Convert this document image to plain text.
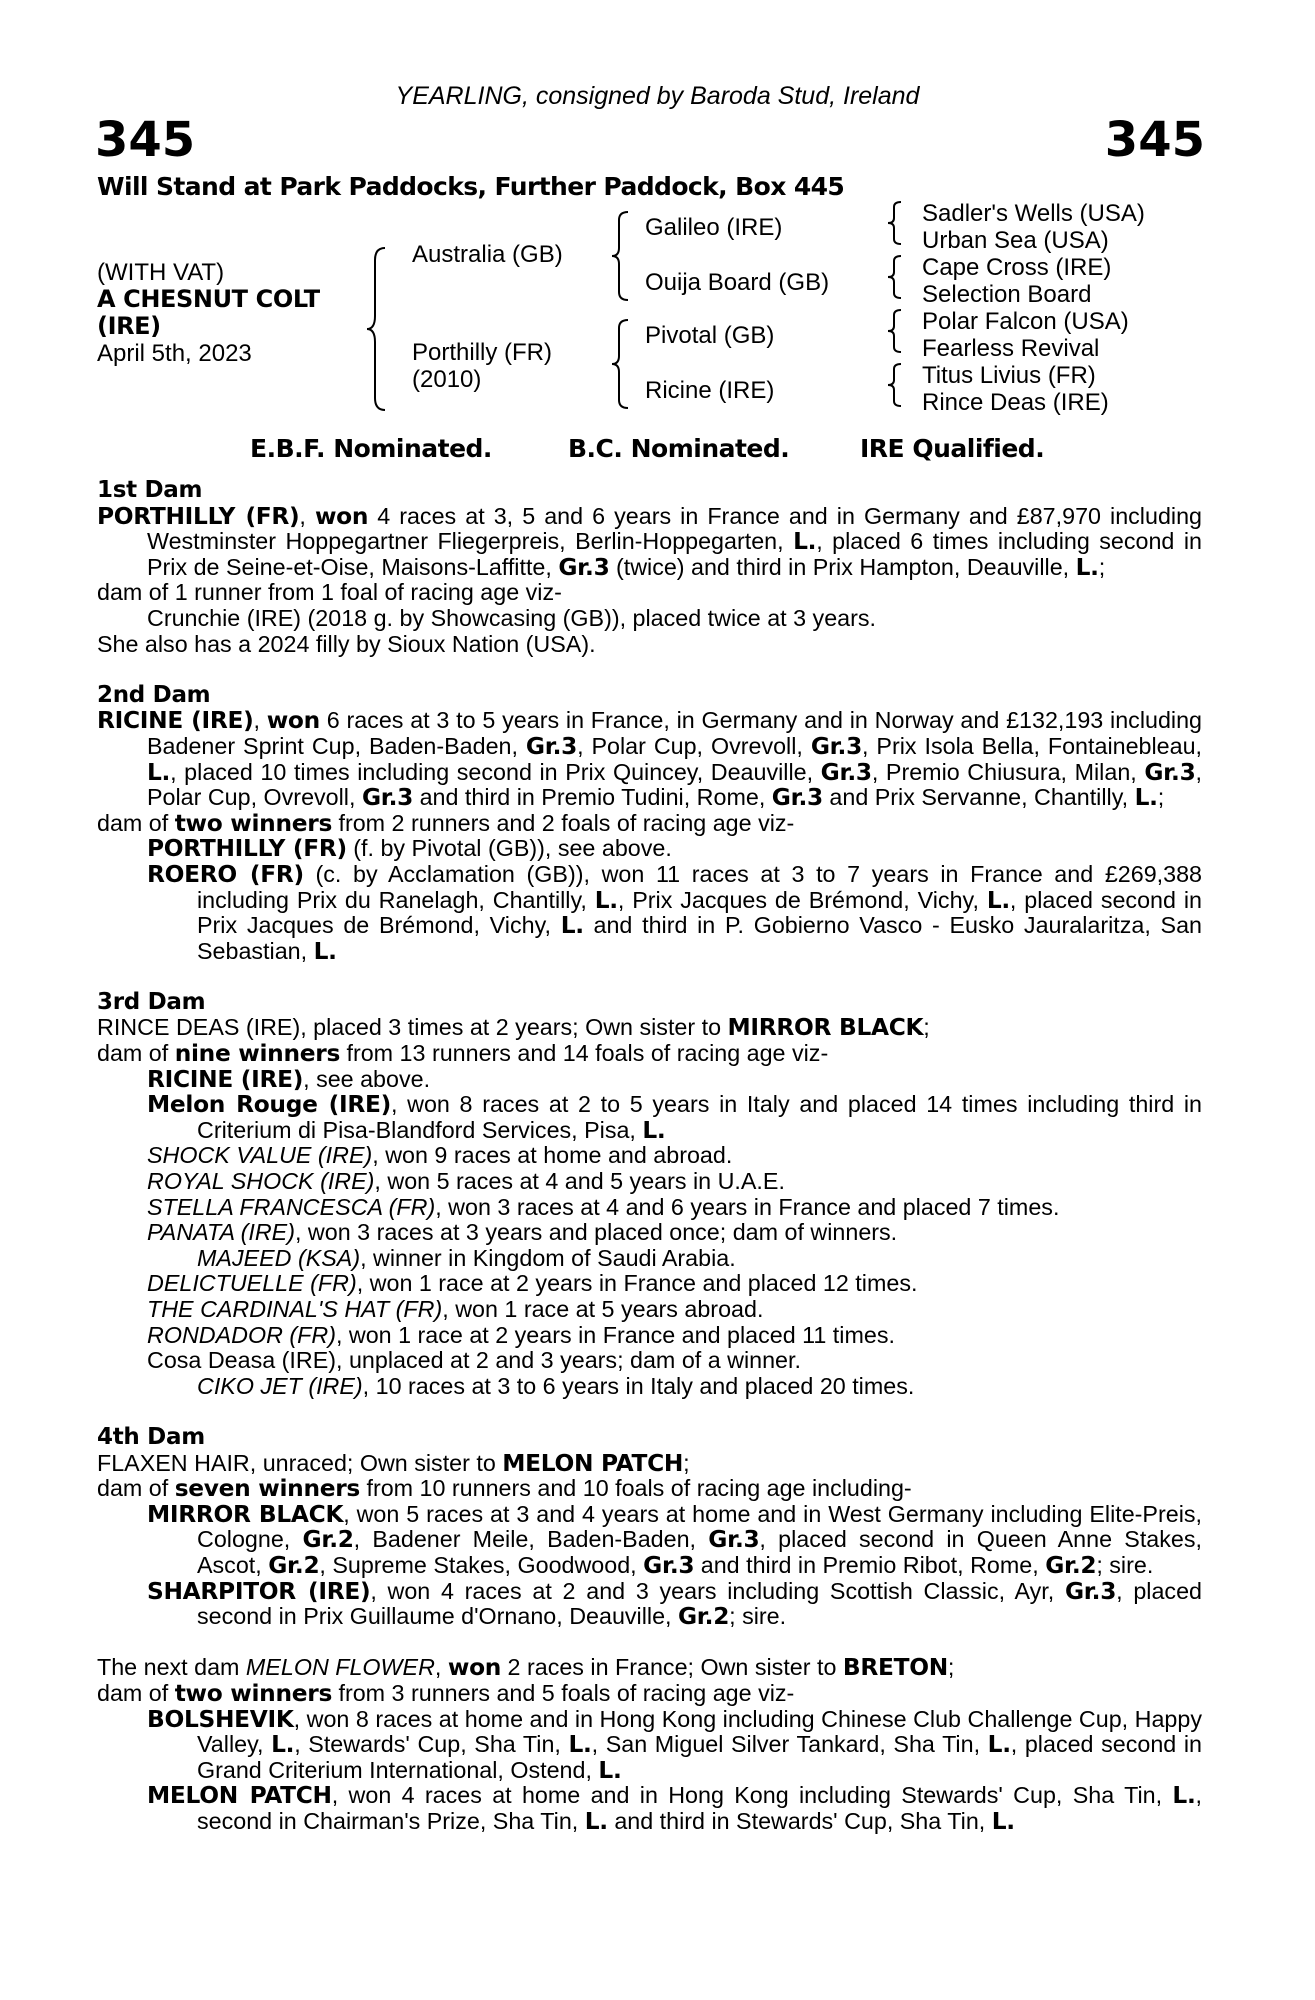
YEARLING, consigned by Baroda Stud, Ireland
345	345
Will Stand at Park Paddocks, Further Paddock, Box 445
(WITH VAT)
A CHESNUT COLT
(IRE)
April 5th, 2023
Australia (GB)
Porthilly (FR)
(2010)
Galileo (IRE)
Ouija Board (GB)
Pivotal (GB)
Ricine (IRE)
Sadler's Wells (USA)
Urban Sea (USA)
Cape Cross (IRE)
Selection Board
Polar Falcon (USA)
Fearless Revival
Titus Livius (FR)
Rince Deas (IRE)
E.B.F. Nominated.	B.C. Nominated.	IRE Qualified.
1st Dam
PORTHILLY (FR), won 4 races at 3, 5 and 6 years in France and in Germany and £87,970 including Westminster Hoppegartner Fliegerpreis, Berlin-Hoppegarten, L., placed 6 times including second in Prix de Seine-et-Oise, Maisons-Laffitte, Gr.3 (twice) and third in Prix Hampton, Deauville, L.;
dam of 1 runner from 1 foal of racing age viz-
Crunchie (IRE) (2018 g. by Showcasing (GB)), placed twice at 3 years.
She also has a 2024 filly by Sioux Nation (USA).
2nd Dam
RICINE (IRE), won 6 races at 3 to 5 years in France, in Germany and in Norway and £132,193 including Badener Sprint Cup, Baden-Baden, Gr.3, Polar Cup, Ovrevoll, Gr.3, Prix Isola Bella, Fontainebleau, L., placed 10 times including second in Prix Quincey, Deauville, Gr.3, Premio Chiusura, Milan, Gr.3, Polar Cup, Ovrevoll, Gr.3 and third in Premio Tudini, Rome, Gr.3 and Prix Servanne, Chantilly, L.;
dam of two winners from 2 runners and 2 foals of racing age viz-
PORTHILLY (FR) (f. by Pivotal (GB)), see above.
ROERO (FR) (c. by Acclamation (GB)), won 11 races at 3 to 7 years in France and £269,388 including Prix du Ranelagh, Chantilly, L., Prix Jacques de Brémond, Vichy, L., placed second in Prix Jacques de Brémond, Vichy, L. and third in P. Gobierno Vasco - Eusko Jauralaritza, San Sebastian, L.
3rd Dam
RINCE DEAS (IRE), placed 3 times at 2 years; Own sister to MIRROR BLACK;
dam of nine winners from 13 runners and 14 foals of racing age viz-
RICINE (IRE), see above.
Melon Rouge (IRE), won 8 races at 2 to 5 years in Italy and placed 14 times including third in Criterium di Pisa-Blandford Services, Pisa, L.
SHOCK VALUE (IRE), won 9 races at home and abroad.
ROYAL SHOCK (IRE), won 5 races at 4 and 5 years in U.A.E.
STELLA FRANCESCA (FR), won 3 races at 4 and 6 years in France and placed 7 times.
PANATA (IRE), won 3 races at 3 years and placed once; dam of winners.
MAJEED (KSA), winner in Kingdom of Saudi Arabia.
DELICTUELLE (FR), won 1 race at 2 years in France and placed 12 times.
THE CARDINAL'S HAT (FR), won 1 race at 5 years abroad.
RONDADOR (FR), won 1 race at 2 years in France and placed 11 times.
Cosa Deasa (IRE), unplaced at 2 and 3 years; dam of a winner.
CIKO JET (IRE), 10 races at 3 to 6 years in Italy and placed 20 times.
4th Dam
FLAXEN HAIR, unraced; Own sister to MELON PATCH;
dam of seven winners from 10 runners and 10 foals of racing age including-
MIRROR BLACK, won 5 races at 3 and 4 years at home and in West Germany including Elite-Preis, Cologne, Gr.2, Badener Meile, Baden-Baden, Gr.3, placed second in Queen Anne Stakes, Ascot, Gr.2, Supreme Stakes, Goodwood, Gr.3 and third in Premio Ribot, Rome, Gr.2; sire.
SHARPITOR (IRE), won 4 races at 2 and 3 years including Scottish Classic, Ayr, Gr.3, placed second in Prix Guillaume d'Ornano, Deauville, Gr.2; sire.
The next dam MELON FLOWER, won 2 races in France; Own sister to BRETON;
dam of two winners from 3 runners and 5 foals of racing age viz-
BOLSHEVIK, won 8 races at home and in Hong Kong including Chinese Club Challenge Cup, Happy Valley, L., Stewards' Cup, Sha Tin, L., San Miguel Silver Tankard, Sha Tin, L., placed second in Grand Criterium International, Ostend, L.
MELON PATCH, won 4 races at home and in Hong Kong including Stewards' Cup, Sha Tin, L., second in Chairman's Prize, Sha Tin, L. and third in Stewards' Cup, Sha Tin, L.
